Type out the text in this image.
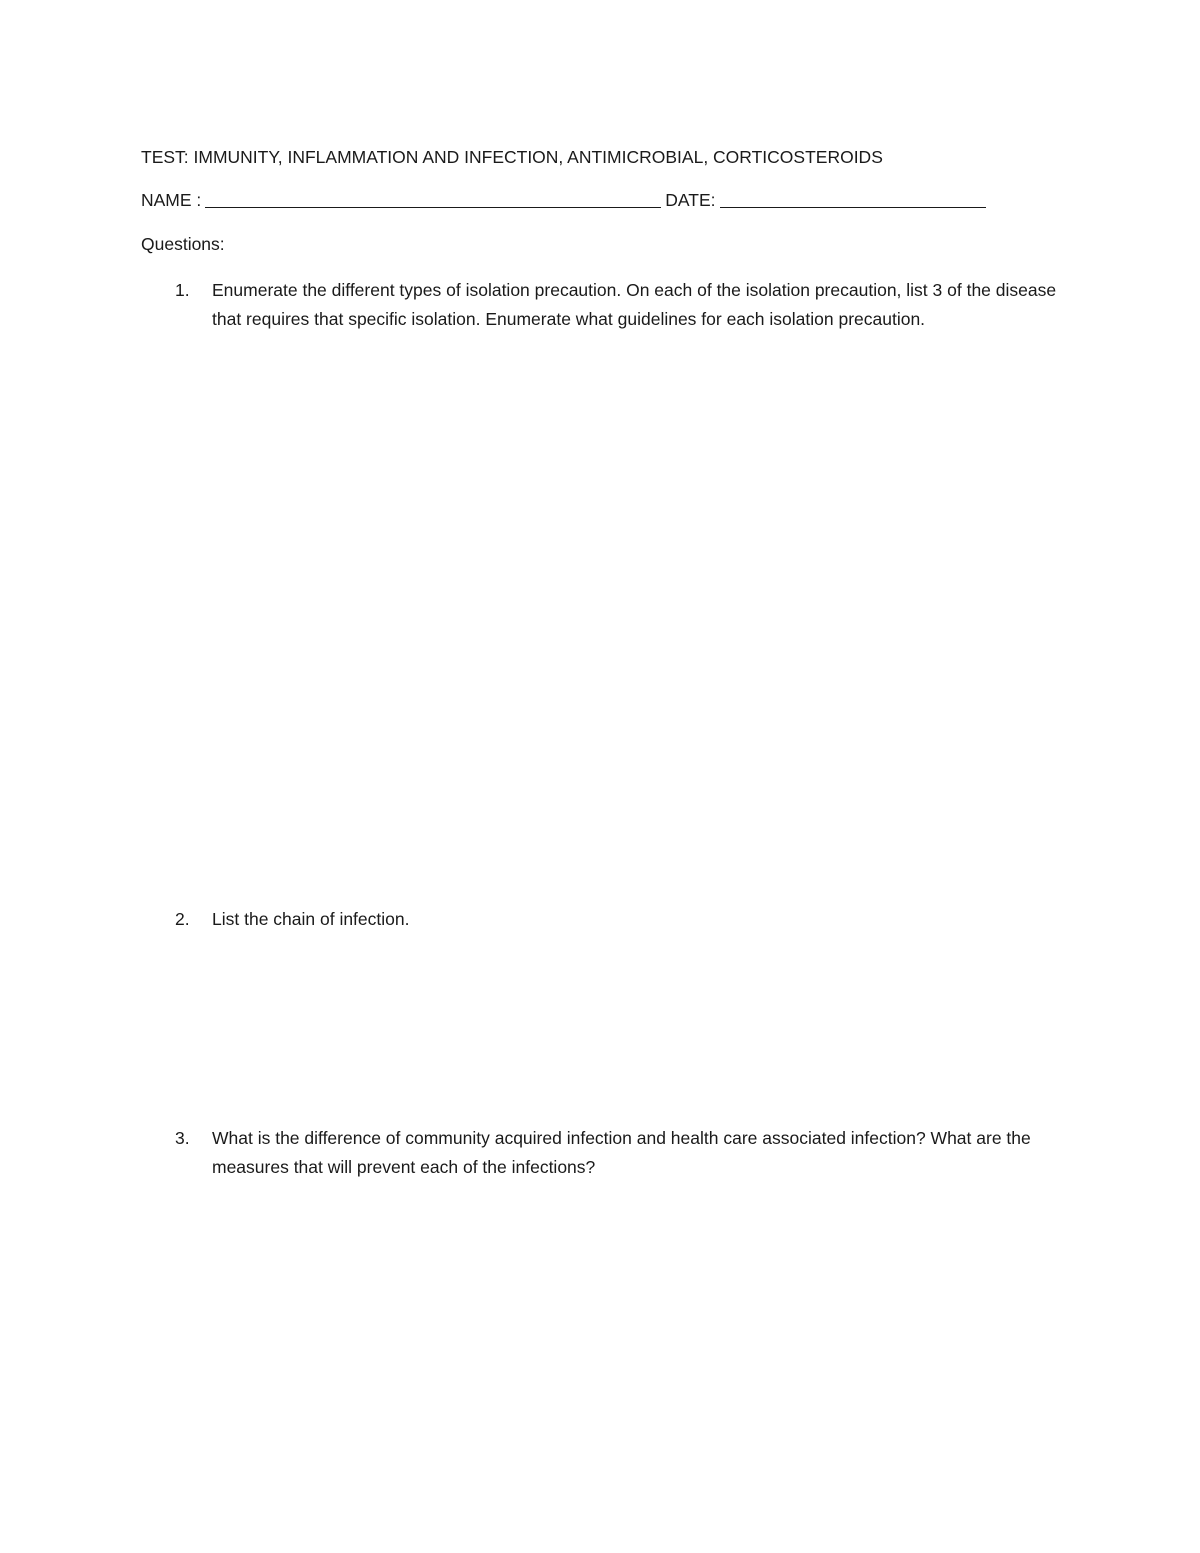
TEST: IMMUNITY, INFLAMMATION AND INFECTION, ANTIMICROBIAL, CORTICOSTEROIDS
NAME :	DATE:
Questions:
1.	Enumerate the different types of isolation precaution. On each of the isolation precaution, list 3 of the disease that requires that specific isolation. Enumerate what guidelines for each isolation precaution.
2.	List the chain of infection.
3.	What is the difference of community acquired infection and health care associated infection? What are the measures that will prevent each of the infections?
